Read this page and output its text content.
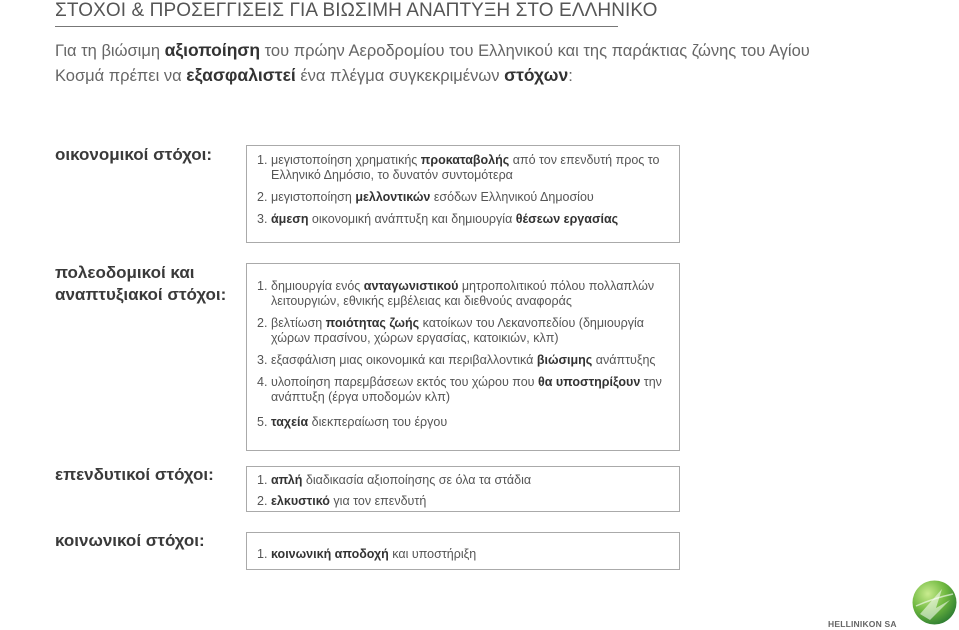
ΣΤΟΧΟΙ & ΠΡΟΣΕΓΓΙΣΕΙΣ ΓΙΑ ΒΙΩΣΙΜΗ ΑΝΑΠΤΥΞΗ ΣΤΟ ΕΛΛΗΝΙΚΟ

Για τη βιώσιμη αξιοποίηση του πρώην Αεροδρομίου του Ελληνικού και της παράκτιας ζώνης του Αγίου Κοσμά πρέπει να εξασφαλιστεί ένα πλέγμα συγκεκριμένων στόχων:

οικονομικοί στόχοι:	1. μεγιστοποίηση χρηματικής προκαταβολής από τον επενδυτή προς το Ελληνικό Δημόσιο, το δυνατόν συντομότερα
2. μεγιστοποίηση μελλοντικών εσόδων Ελληνικού Δημοσίου
3. άμεση οικονομική ανάπτυξη και δημιουργία θέσεων εργασίας
πολεοδομικοί και
αναπτυξιακοί στόχοι: 1. δημιουργία ενός ανταγωνιστικού μητροπολιτικού πόλου πολλαπλών λειτουργιών, εθνικής εμβέλειας και διεθνούς αναφοράς
2. βελτίωση ποιότητας ζωής κατοίκων του Λεκανοπεδίου (δημιουργία χώρων πρασίνου, χώρων εργασίας, κατοικιών, κλπ)
3. εξασφάλιση μιας οικονομικά και περιβαλλοντικά βιώσιμης ανάπτυξης
4. υλοποίηση παρεμβάσεων εκτός του χώρου που θα υποστηρίξουν την ανάπτυξη (έργα υποδομών κλπ)
5. ταχεία διεκπεραίωση του έργου
επενδυτικοί στόχοι:	1. απλή διαδικασία αξιοποίησης σε όλα τα στάδια
2. ελκυστικό για τον επενδυτή
κοινωνικοί στόχοι:
1. κοινωνική αποδοχή και υποστήριξη
HELLINIKON SA
